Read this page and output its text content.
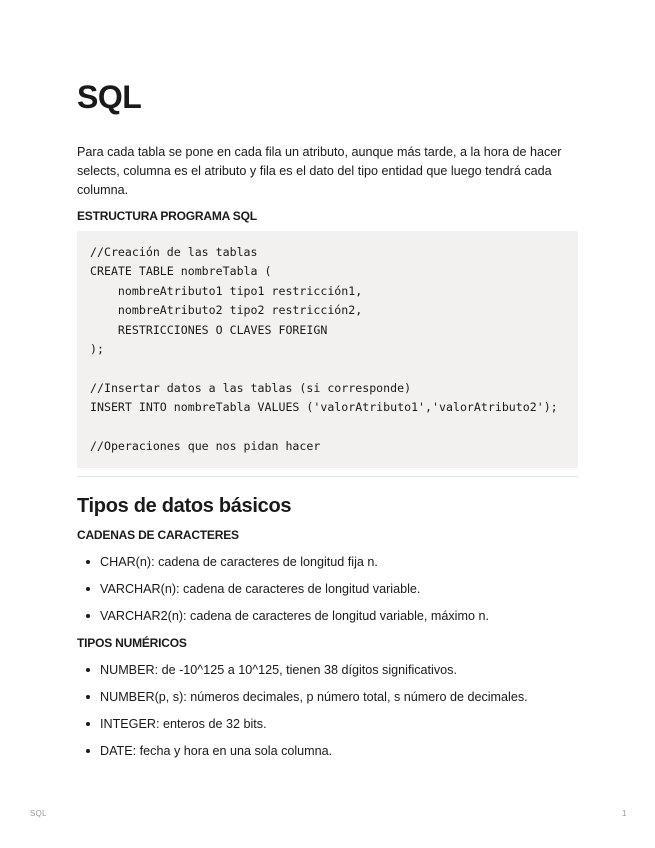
SQL

Para cada tabla se pone en cada fila un atributo, aunque más tarde, a la hora de hacer selects, columna es el atributo y fila es el dato del tipo entidad que luego tendrá cada columna.

ESTRUCTURA PROGRAMA SQL

//Creación de las tablas
CREATE TABLE nombreTabla (
nombreAtributo1 tipo1 restricción1,
nombreAtributo2 tipo2 restricción2,
RESTRICCIONES O CLAVES FOREIGN
);
//Insertar datos a las tablas (si corresponde)
INSERT INTO nombreTabla VALUES ('valorAtributo1','valorAtributo2');
//Operaciones que nos pidan hacer
Tipos de datos básicos

CADENAS DE CARACTERES

CHAR(n): cadena de caracteres de longitud fija n.
VARCHAR(n): cadena de caracteres de longitud variable.
VARCHAR2(n): cadena de caracteres de longitud variable, máximo n.

TIPOS NUMÉRICOS

NUMBER: de -10^125 a 10^125, tienen 38 dígitos significativos.
NUMBER(p, s): números decimales, p número total, s número de decimales.
INTEGER: enteros de 32 bits.
DATE: fecha y hora en una sola columna.
SQL	1
